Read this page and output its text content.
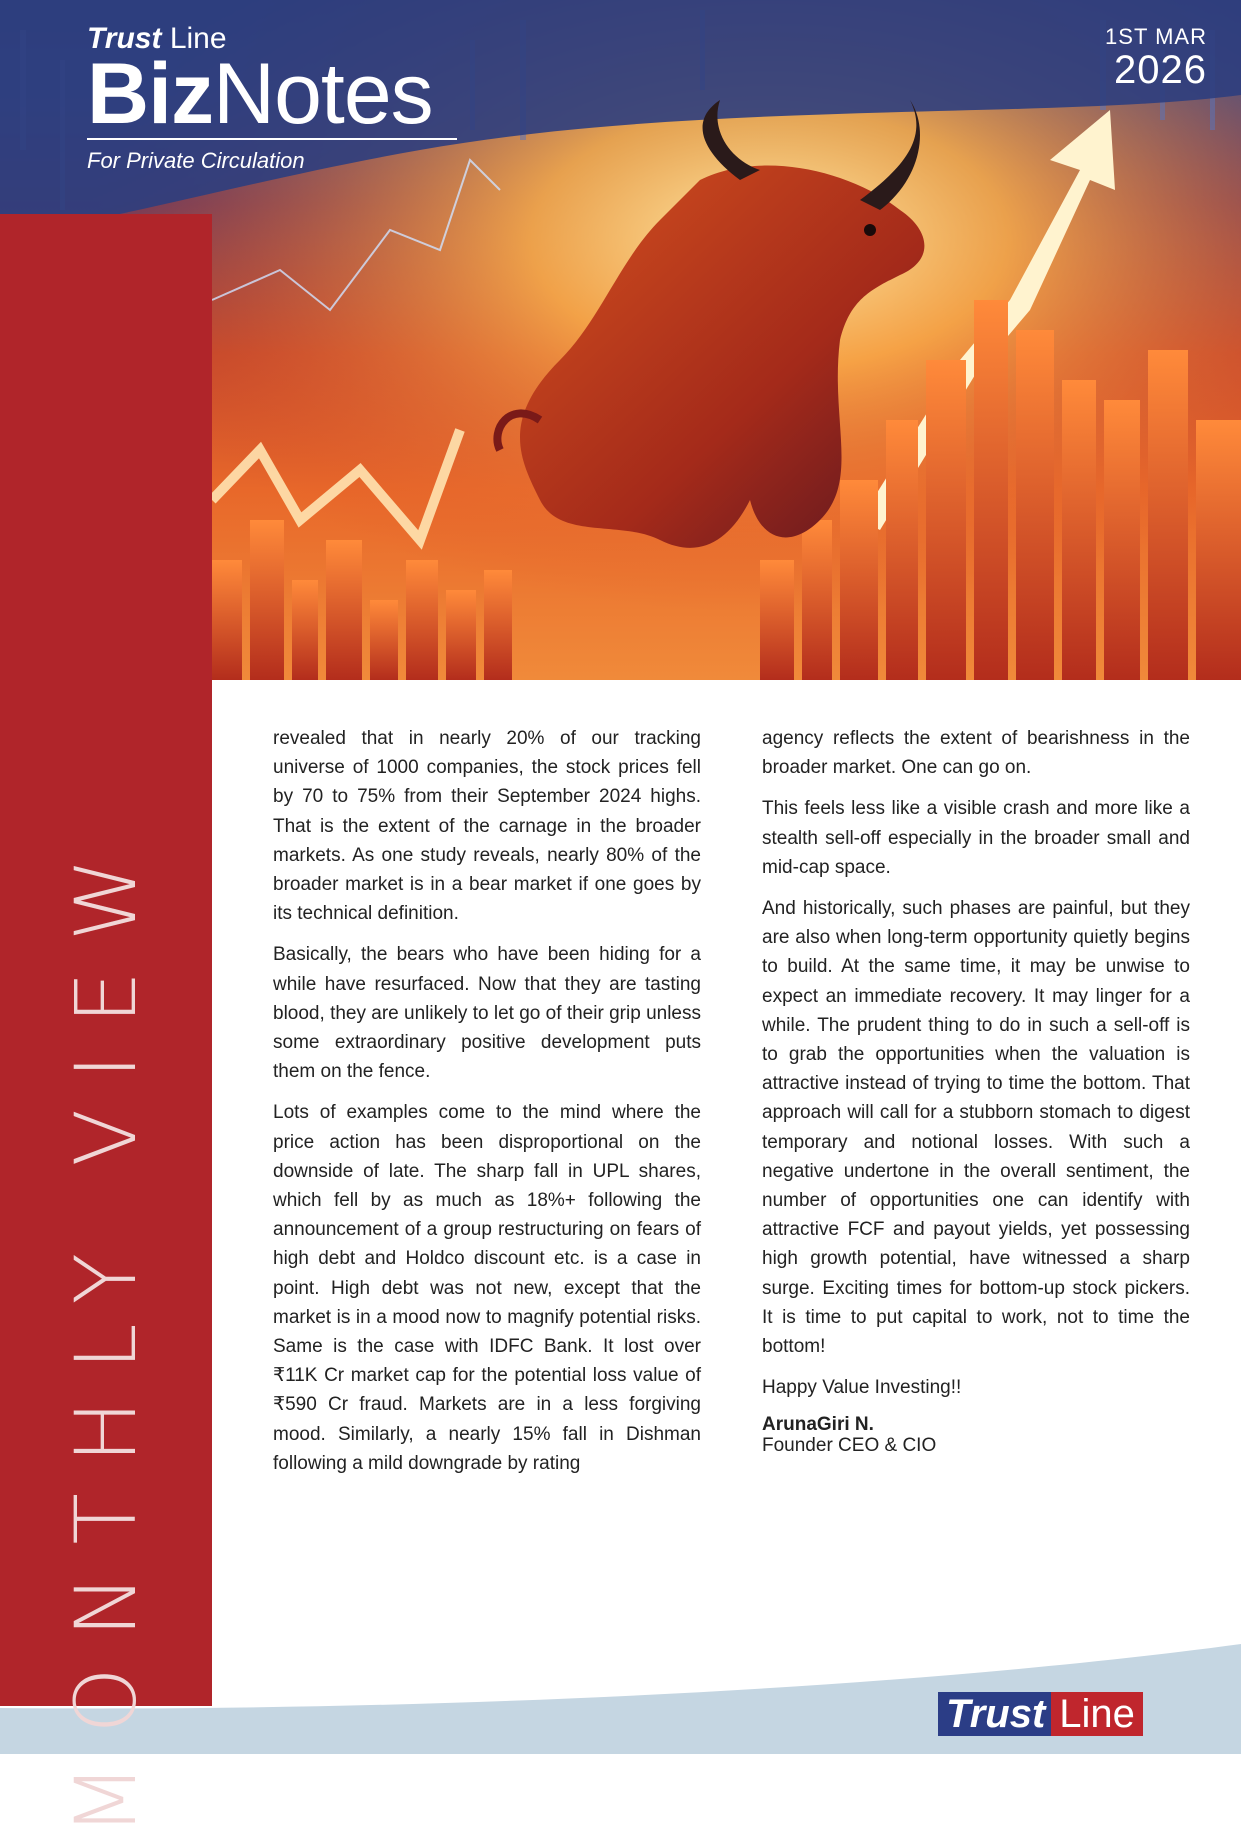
Trust Line
BizNotes
For Private Circulation
1ST MAR
2026
MONTHLY VIEW

revealed that in nearly 20% of our tracking universe of 1000 companies, the stock prices fell by 70 to 75% from their September 2024 highs. That is the extent of the carnage in the broader markets. As one study reveals, nearly 80% of the broader market is in a bear market if one goes by its technical definition.

Basically, the bears who have been hiding for a while have resurfaced. Now that they are tasting blood, they are unlikely to let go of their grip unless some extraordinary positive development puts them on the fence.

Lots of examples come to the mind where the price action has been disproportional on the downside of late. The sharp fall in UPL shares, which fell by as much as 18%+ following the announcement of a group restructuring on fears of high debt and Holdco discount etc. is a case in point. High debt was not new, except that the market is in a mood now to magnify potential risks. Same is the case with IDFC Bank. It lost over ₹11K Cr market cap for the potential loss value of ₹590 Cr fraud. Markets are in a less forgiving mood. Similarly, a nearly 15% fall in Dishman following a mild downgrade by rating

agency reflects the extent of bearishness in the broader market. One can go on.

This feels less like a visible crash and more like a stealth sell-off especially in the broader small and mid-cap space.

And historically, such phases are painful, but they are also when long-term opportunity quietly begins to build. At the same time, it may be unwise to expect an immediate recovery. It may linger for a while. The prudent thing to do in such a sell-off is to grab the opportunities when the valuation is attractive instead of trying to time the bottom. That approach will call for a stubborn stomach to digest temporary and notional losses. With such a negative undertone in the overall sentiment, the number of opportunities one can identify with attractive FCF and payout yields, yet possessing high growth potential, have witnessed a sharp surge. Exciting times for bottom-up stock pickers. It is time to put capital to work, not to time the bottom!

Happy Value Investing!!

ArunaGiri N.
Founder CEO & CIO
Trust Line
